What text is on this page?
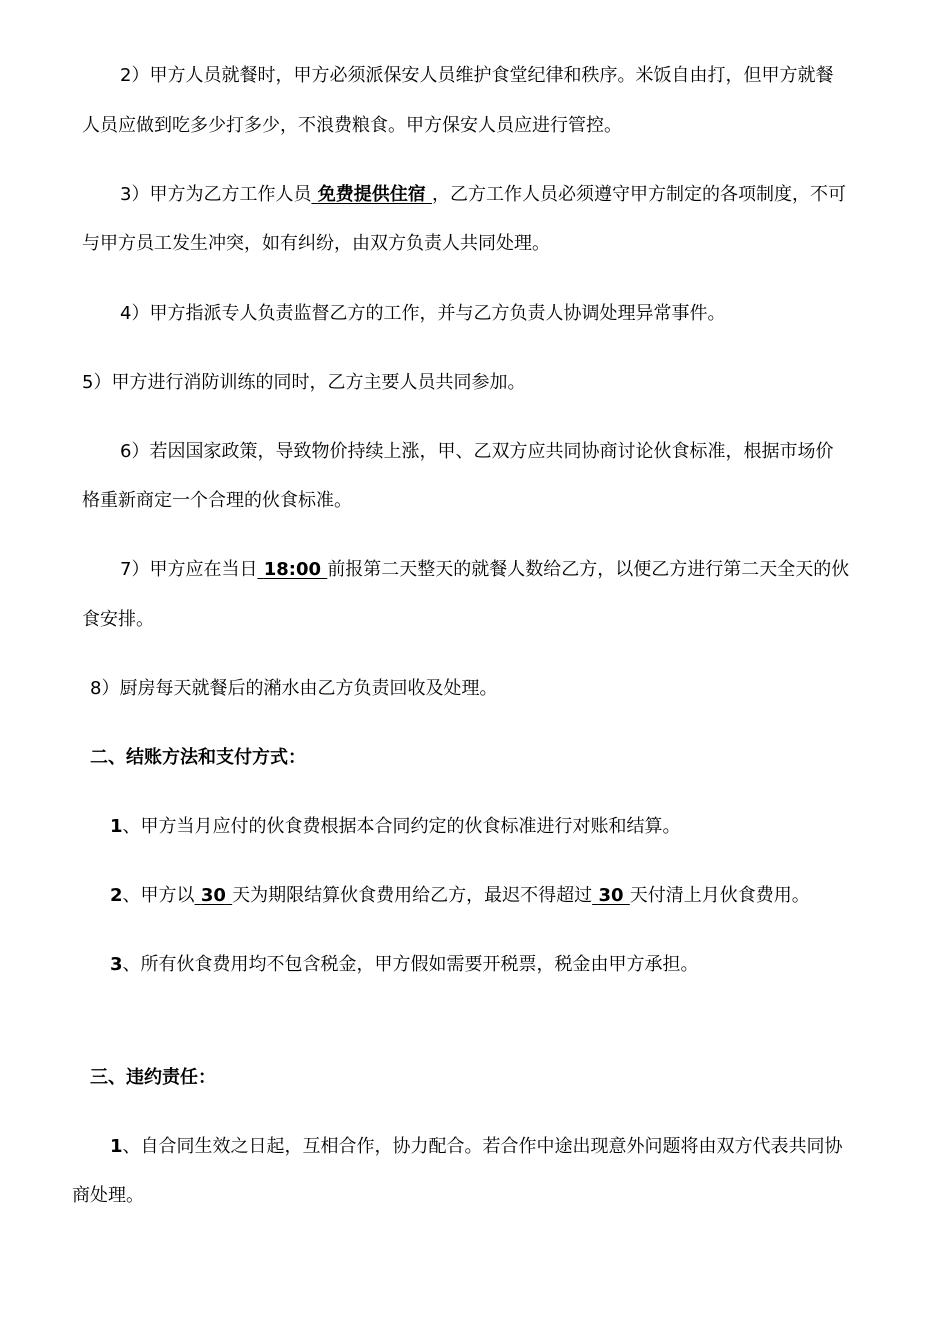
2）甲方人员就餐时，甲方必须派保安人员维护食堂纪律和秩序。米饭自由打，但甲方就餐
人员应做到吃多少打多少，不浪费粮食。甲方保安人员应进行管控。
3）甲方为乙方工作人员 免费提供住宿 ，乙方工作人员必须遵守甲方制定的各项制度，不可
与甲方员工发生冲突，如有纠纷，由双方负责人共同处理。
4）甲方指派专人负责监督乙方的工作，并与乙方负责人协调处理异常事件。
5）甲方进行消防训练的同时，乙方主要人员共同参加。
6）若因国家政策，导致物价持续上涨，甲、乙双方应共同协商讨论伙食标准，根据市场价
格重新商定一个合理的伙食标准。
7）甲方应在当日 18:00 前报第二天整天的就餐人数给乙方，以便乙方进行第二天全天的伙
食安排。
8）厨房每天就餐后的潲水由乙方负责回收及处理。
二、结账方法和支付方式：
1、甲方当月应付的伙食费根据本合同约定的伙食标准进行对账和结算。
2、甲方以 30 天为期限结算伙食费用给乙方，最迟不得超过 30 天付清上月伙食费用。
3、所有伙食费用均不包含税金，甲方假如需要开税票，税金由甲方承担。
三、违约责任：
1、自合同生效之日起，互相合作，协力配合。若合作中途出现意外问题将由双方代表共同协
商处理。
